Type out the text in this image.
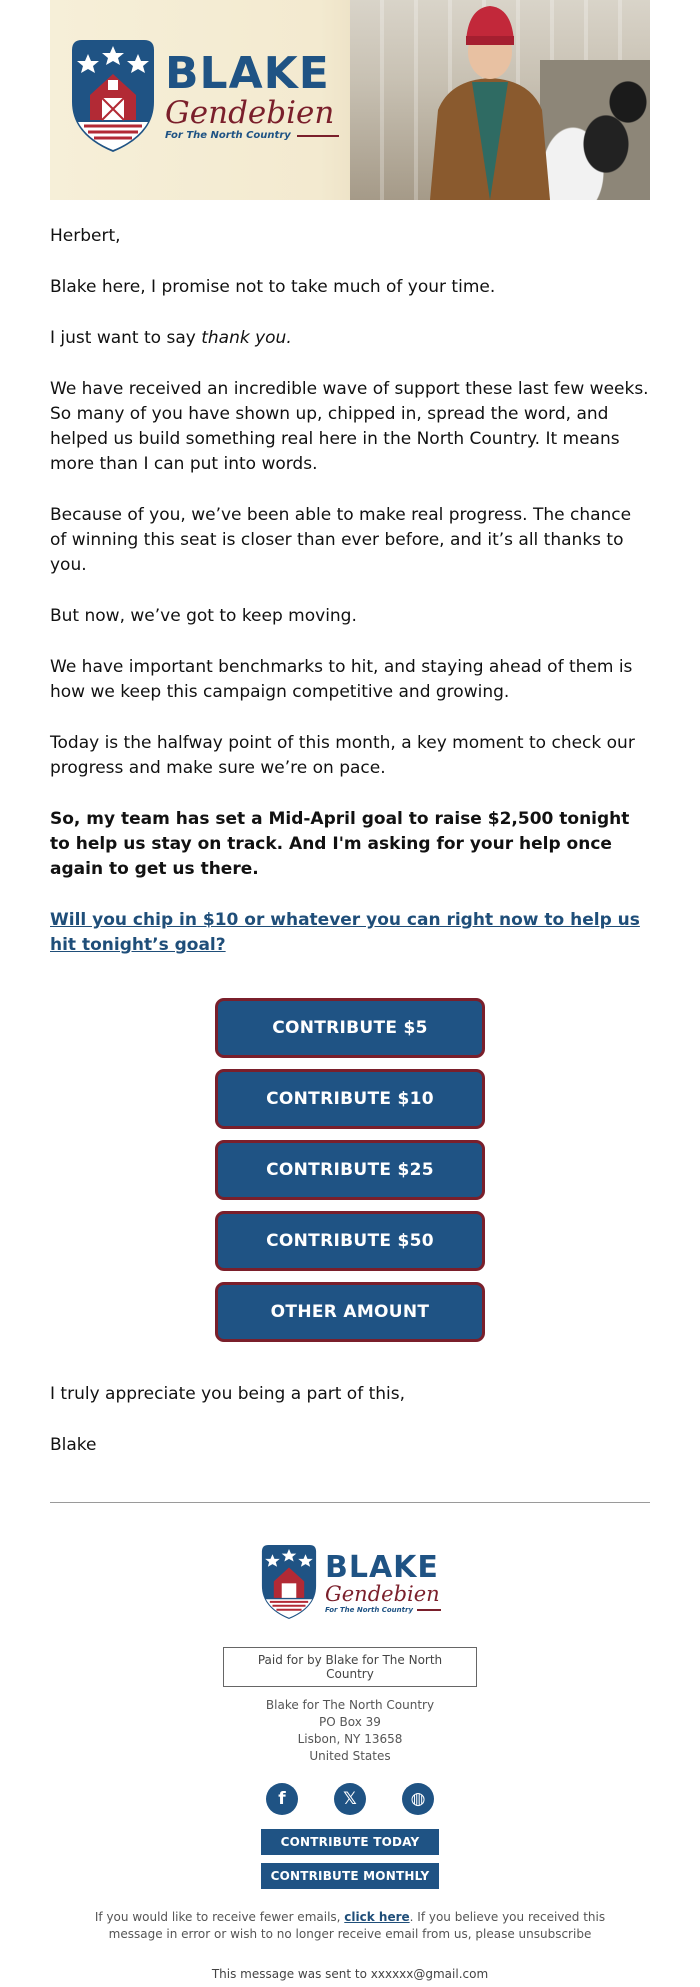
BLAKE
Gendebien
For The North Country

Herbert,

Blake here, I promise not to take much of your time.

I just want to say thank you.

We have received an incredible wave of support these last few weeks. So many of you have shown up, chipped in, spread the word, and helped us build something real here in the North Country. It means more than I can put into words.

Because of you, we’ve been able to make real progress. The chance of winning this seat is closer than ever before, and it’s all thanks to you.

But now, we’ve got to keep moving.

We have important benchmarks to hit, and staying ahead of them is how we keep this campaign competitive and growing.

Today is the halfway point of this month, a key moment to check our progress and make sure we’re on pace.

So, my team has set a Mid-April goal to raise $2,500 tonight to help us stay on track. And I'm asking for your help once again to get us there.

Will you chip in $10 or whatever you can right now to help us hit tonight’s goal?
CONTRIBUTE $5
CONTRIBUTE $10
CONTRIBUTE $25
CONTRIBUTE $50
OTHER AMOUNT

I truly appreciate you being a part of this,

Blake

BLAKE
Gendebien
For The North Country
Paid for by Blake for The North Country
Blake for The North Country
PO Box 39
Lisbon, NY 13658
United States
f	𝕏	◍
CONTRIBUTE TODAY
CONTRIBUTE MONTHLY
If you would like to receive fewer emails, click here. If you believe you received this message in error or wish to no longer receive email from us, please unsubscribe
This message was sent to xxxxxx@gmail.com
